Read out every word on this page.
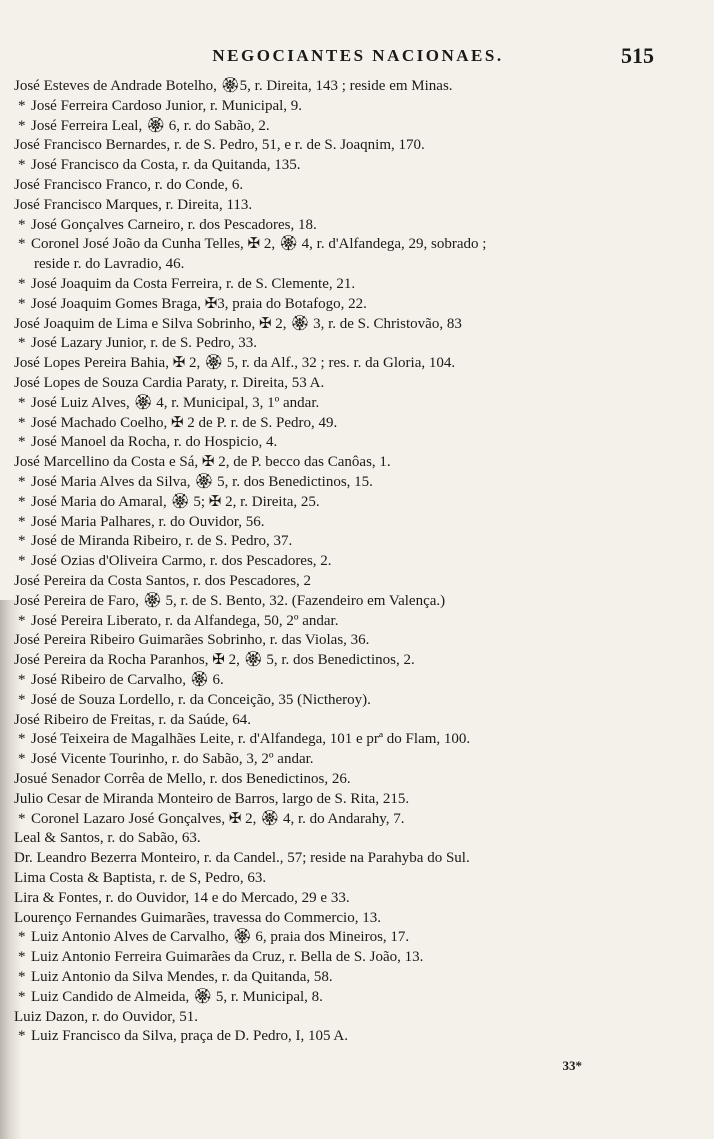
NEGOCIANTES NACIONAES.	515
José Esteves de Andrade Botelho, 🏵5, r. Direita, 143 ; reside em Minas.
* José Ferreira Cardoso Junior, r. Municipal, 9.
* José Ferreira Leal, 🏵 6, r. do Sabão, 2.
José Francisco Bernardes, r. de S. Pedro, 51, e r. de S. Joaqnim, 170.
* José Francisco da Costa, r. da Quitanda, 135.
José Francisco Franco, r. do Conde, 6.
José Francisco Marques, r. Direita, 113.
* José Gonçalves Carneiro, r. dos Pescadores, 18.
* Coronel José João da Cunha Telles, ✠ 2, 🏵 4, r. d'Alfandega, 29, sobrado ;
reside r. do Lavradio, 46.
* José Joaquim da Costa Ferreira, r. de S. Clemente, 21.
* José Joaquim Gomes Braga, ✠3, praia do Botafogo, 22.
José Joaquim de Lima e Silva Sobrinho, ✠ 2, 🏵 3, r. de S. Christovão, 83
* José Lazary Junior, r. de S. Pedro, 33.
José Lopes Pereira Bahia, ✠ 2, 🏵 5, r. da Alf., 32 ; res. r. da Gloria, 104.
José Lopes de Souza Cardia Paraty, r. Direita, 53 A.
* José Luiz Alves, 🏵 4, r. Municipal, 3, 1º andar.
* José Machado Coelho, ✠ 2 de P. r. de S. Pedro, 49.
* José Manoel da Rocha, r. do Hospicio, 4.
José Marcellino da Costa e Sá, ✠ 2, de P. becco das Canôas, 1.
* José Maria Alves da Silva, 🏵 5, r. dos Benedictinos, 15.
* José Maria do Amaral, 🏵 5; ✠ 2, r. Direita, 25.
* José Maria Palhares, r. do Ouvidor, 56.
* José de Miranda Ribeiro, r. de S. Pedro, 37.
* José Ozias d'Oliveira Carmo, r. dos Pescadores, 2.
José Pereira da Costa Santos, r. dos Pescadores, 2
José Pereira de Faro, 🏵 5, r. de S. Bento, 32. (Fazendeiro em Valença.)
* José Pereira Liberato, r. da Alfandega, 50, 2º andar.
José Pereira Ribeiro Guimarães Sobrinho, r. das Violas, 36.
José Pereira da Rocha Paranhos, ✠ 2, 🏵 5, r. dos Benedictinos, 2.
* José Ribeiro de Carvalho, 🏵 6.
* José de Souza Lordello, r. da Conceição, 35 (Nictheroy).
José Ribeiro de Freitas, r. da Saúde, 64.
* José Teixeira de Magalhães Leite, r. d'Alfandega, 101 e prª do Flam, 100.
* José Vicente Tourinho, r. do Sabão, 3, 2º andar.
Josué Senador Corrêa de Mello, r. dos Benedictinos, 26.
Julio Cesar de Miranda Monteiro de Barros, largo de S. Rita, 215.
* Coronel Lazaro José Gonçalves, ✠ 2, 🏵 4, r. do Andarahy, 7.
Leal & Santos, r. do Sabão, 63.
Dr. Leandro Bezerra Monteiro, r. da Candel., 57; reside na Parahyba do Sul.
Lima Costa & Baptista, r. de S, Pedro, 63.
Lira & Fontes, r. do Ouvidor, 14 e do Mercado, 29 e 33.
Lourenço Fernandes Guimarães, travessa do Commercio, 13.
* Luiz Antonio Alves de Carvalho, 🏵 6, praia dos Mineiros, 17.
* Luiz Antonio Ferreira Guimarães da Cruz, r. Bella de S. João, 13.
* Luiz Antonio da Silva Mendes, r. da Quitanda, 58.
* Luiz Candido de Almeida, 🏵 5, r. Municipal, 8.
Luiz Dazon, r. do Ouvidor, 51.
* Luiz Francisco da Silva, praça de D. Pedro, I, 105 A.
33*
